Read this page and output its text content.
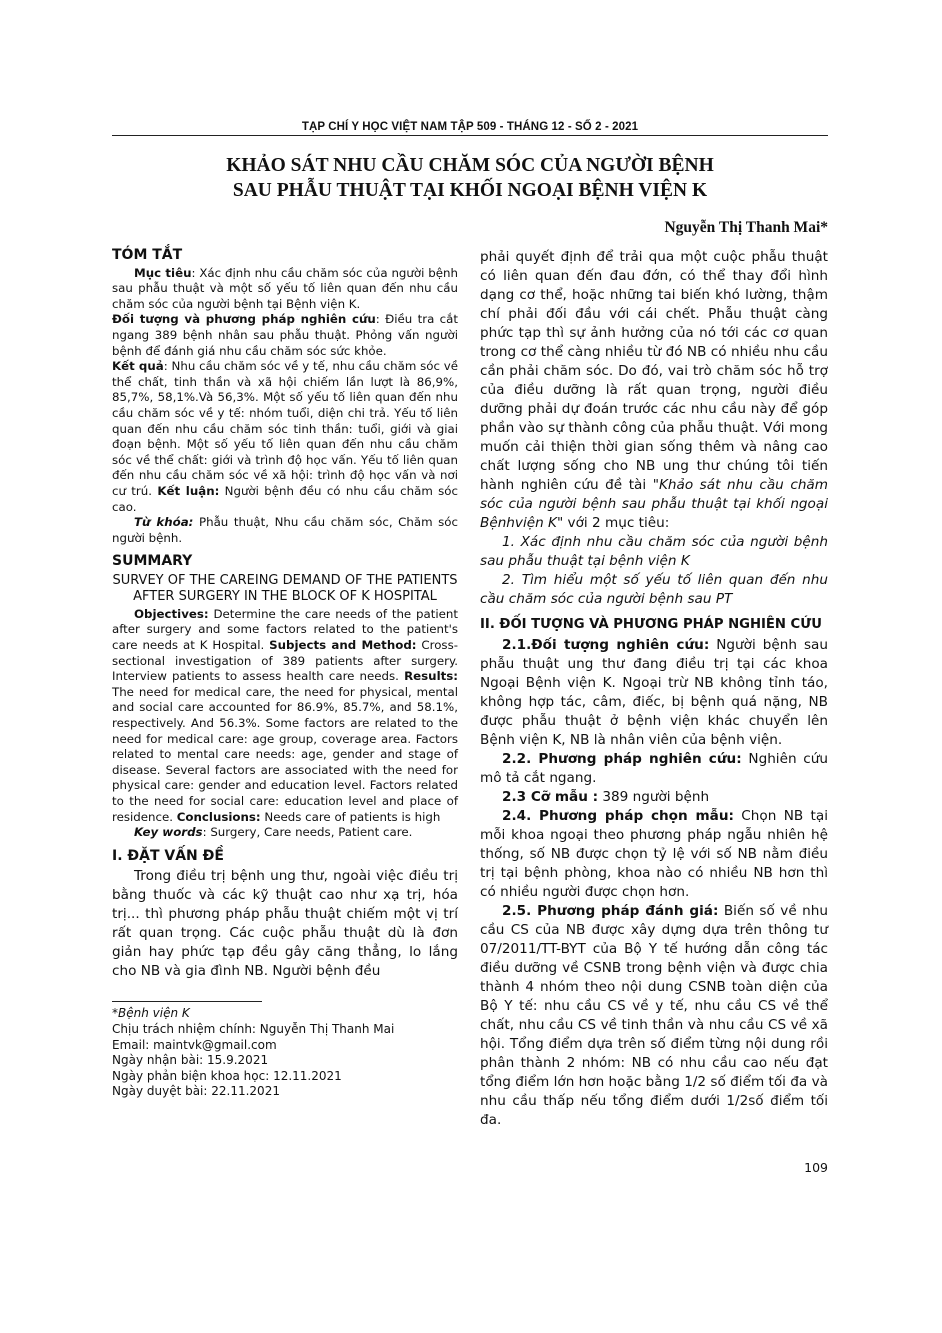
TẠP CHÍ Y HỌC VIỆT NAM TẬP 509 - THÁNG 12 - SỐ 2 - 2021
KHẢO SÁT NHU CẦU CHĂM SÓC CỦA NGƯỜI BỆNH
SAU PHẪU THUẬT TẠI KHỐI NGOẠI BỆNH VIỆN K
Nguyễn Thị Thanh Mai*
TÓM TẮT

Mục tiêu: Xác định nhu cầu chăm sóc của người bệnh sau phẫu thuật và một số yếu tố liên quan đến nhu cầu chăm sóc của người bệnh tại Bệnh viện K.

Đối tượng và phương pháp nghiên cứu: Điều tra cắt ngang 389 bệnh nhân sau phẫu thuật. Phỏng vấn người bệnh để đánh giá nhu cầu chăm sóc sức khỏe.

Kết quả: Nhu cầu chăm sóc về y tế, nhu cầu chăm sóc về thể chất, tinh thần và xã hội chiếm lần lượt là 86,9%, 85,7%, 58,1%.Và 56,3%. Một số yếu tố liên quan đến nhu cầu chăm sóc về y tế: nhóm tuổi, diện chi trả. Yếu tố liên quan đến nhu cầu chăm sóc tinh thần: tuổi, giới và giai đoạn bệnh. Một số yếu tố liên quan đến nhu cầu chăm sóc về thể chất: giới và trình độ học vấn. Yếu tố liên quan đến nhu cầu chăm sóc về xã hội: trình độ học vấn và nơi cư trú. Kết luận: Người bệnh đều có nhu cầu chăm sóc cao.

Từ khóa: Phẫu thuật, Nhu cầu chăm sóc, Chăm sóc người bệnh.

SUMMARY
SURVEY OF THE CAREING DEMAND OF THE PATIENTS AFTER SURGERY IN THE BLOCK OF K HOSPITAL

Objectives: Determine the care needs of the patient after surgery and some factors related to the patient's care needs at K Hospital. Subjects and Method: Cross-sectional investigation of 389 patients after surgery. Interview patients to assess health care needs. Results: The need for medical care, the need for physical, mental and social care accounted for 86.9%, 85.7%, and 58.1%, respectively. And 56.3%. Some factors are related to the need for medical care: age group, coverage area. Factors related to mental care needs: age, gender and stage of disease. Several factors are associated with the need for physical care: gender and education level. Factors related to the need for social care: education level and place of residence. Conclusions: Needs care of patients is high

Key words: Surgery, Care needs, Patient care.

I. ĐẶT VẤN ĐỀ

Trong điều trị bệnh ung thư, ngoài việc điều trị bằng thuốc và các kỹ thuật cao như xạ trị, hóa trị... thì phương pháp phẫu thuật chiếm một vị trí rất quan trọng. Các cuộc phẫu thuật dù là đơn giản hay phức tạp đều gây căng thẳng, lo lắng cho NB và gia đình NB. Người bệnh đều

*Bệnh viện K
Chịu trách nhiệm chính: Nguyễn Thị Thanh Mai
Email: maintvk@gmail.com
Ngày nhận bài: 15.9.2021
Ngày phản biện khoa học: 12.11.2021
Ngày duyệt bài: 22.11.2021

phải quyết định để trải qua một cuộc phẫu thuật có liên quan đến đau đớn, có thể thay đổi hình dạng cơ thể, hoặc những tai biến khó lường, thậm chí phải đối đầu với cái chết. Phẫu thuật càng phức tạp thì sự ảnh hưởng của nó tới các cơ quan trong cơ thể càng nhiều từ đó NB có nhiều nhu cầu cần phải chăm sóc. Do đó, vai trò chăm sóc hỗ trợ của điều dưỡng là rất quan trọng, người điều dưỡng phải dự đoán trước các nhu cầu này để góp phần vào sự thành công của phẫu thuật. Với mong muốn cải thiện thời gian sống thêm và nâng cao chất lượng sống cho NB ung thư chúng tôi tiến hành nghiên cứu đề tài "Khảo sát nhu cầu chăm sóc của người bệnh sau phẫu thuật tại khối ngoại Bệnhviện K" với 2 mục tiêu:

1. Xác định nhu cầu chăm sóc của người bệnh sau phẫu thuật tại bệnh viện K

2. Tìm hiểu một số yếu tố liên quan đến nhu cầu chăm sóc của người bệnh sau PT

II. ĐỐI TƯỢNG VÀ PHƯƠNG PHÁP NGHIÊN CỨU

2.1.Đối tượng nghiên cứu: Người bệnh sau phẫu thuật ung thư đang điều trị tại các khoa Ngoại Bệnh viện K. Ngoại trừ NB không tỉnh táo, không hợp tác, câm, điếc, bị bệnh quá nặng, NB được phẫu thuật ở bệnh viện khác chuyển lên Bệnh viện K, NB là nhân viên của bệnh viện.

2.2. Phương pháp nghiên cứu: Nghiên cứu mô tả cắt ngang.

2.3 Cỡ mẫu : 389 người bệnh

2.4. Phương pháp chọn mẫu: Chọn NB tại mỗi khoa ngoại theo phương pháp ngẫu nhiên hệ thống, số NB được chọn tỷ lệ với số NB nằm điều trị tại bệnh phòng, khoa nào có nhiều NB hơn thì có nhiều người được chọn hơn.

2.5. Phương pháp đánh giá: Biến số về nhu cầu CS của NB được xây dựng dựa trên thông tư 07/2011/TT-BYT của Bộ Y tế hướng dẫn công tác điều dưỡng về CSNB trong bệnh viện và được chia thành 4 nhóm theo nội dung CSNB toàn diện của Bộ Y tế: nhu cầu CS về y tế, nhu cầu CS về thể chất, nhu cầu CS về tinh thần và nhu cầu CS về xã hội. Tổng điểm dựa trên số điểm từng nội dung rồi phân thành 2 nhóm: NB có nhu cầu cao nếu đạt tổng điểm lớn hơn hoặc bằng 1/2 số điểm tối đa và nhu cầu thấp nếu tổng điểm dưới 1/2số điểm tối đa.

109
